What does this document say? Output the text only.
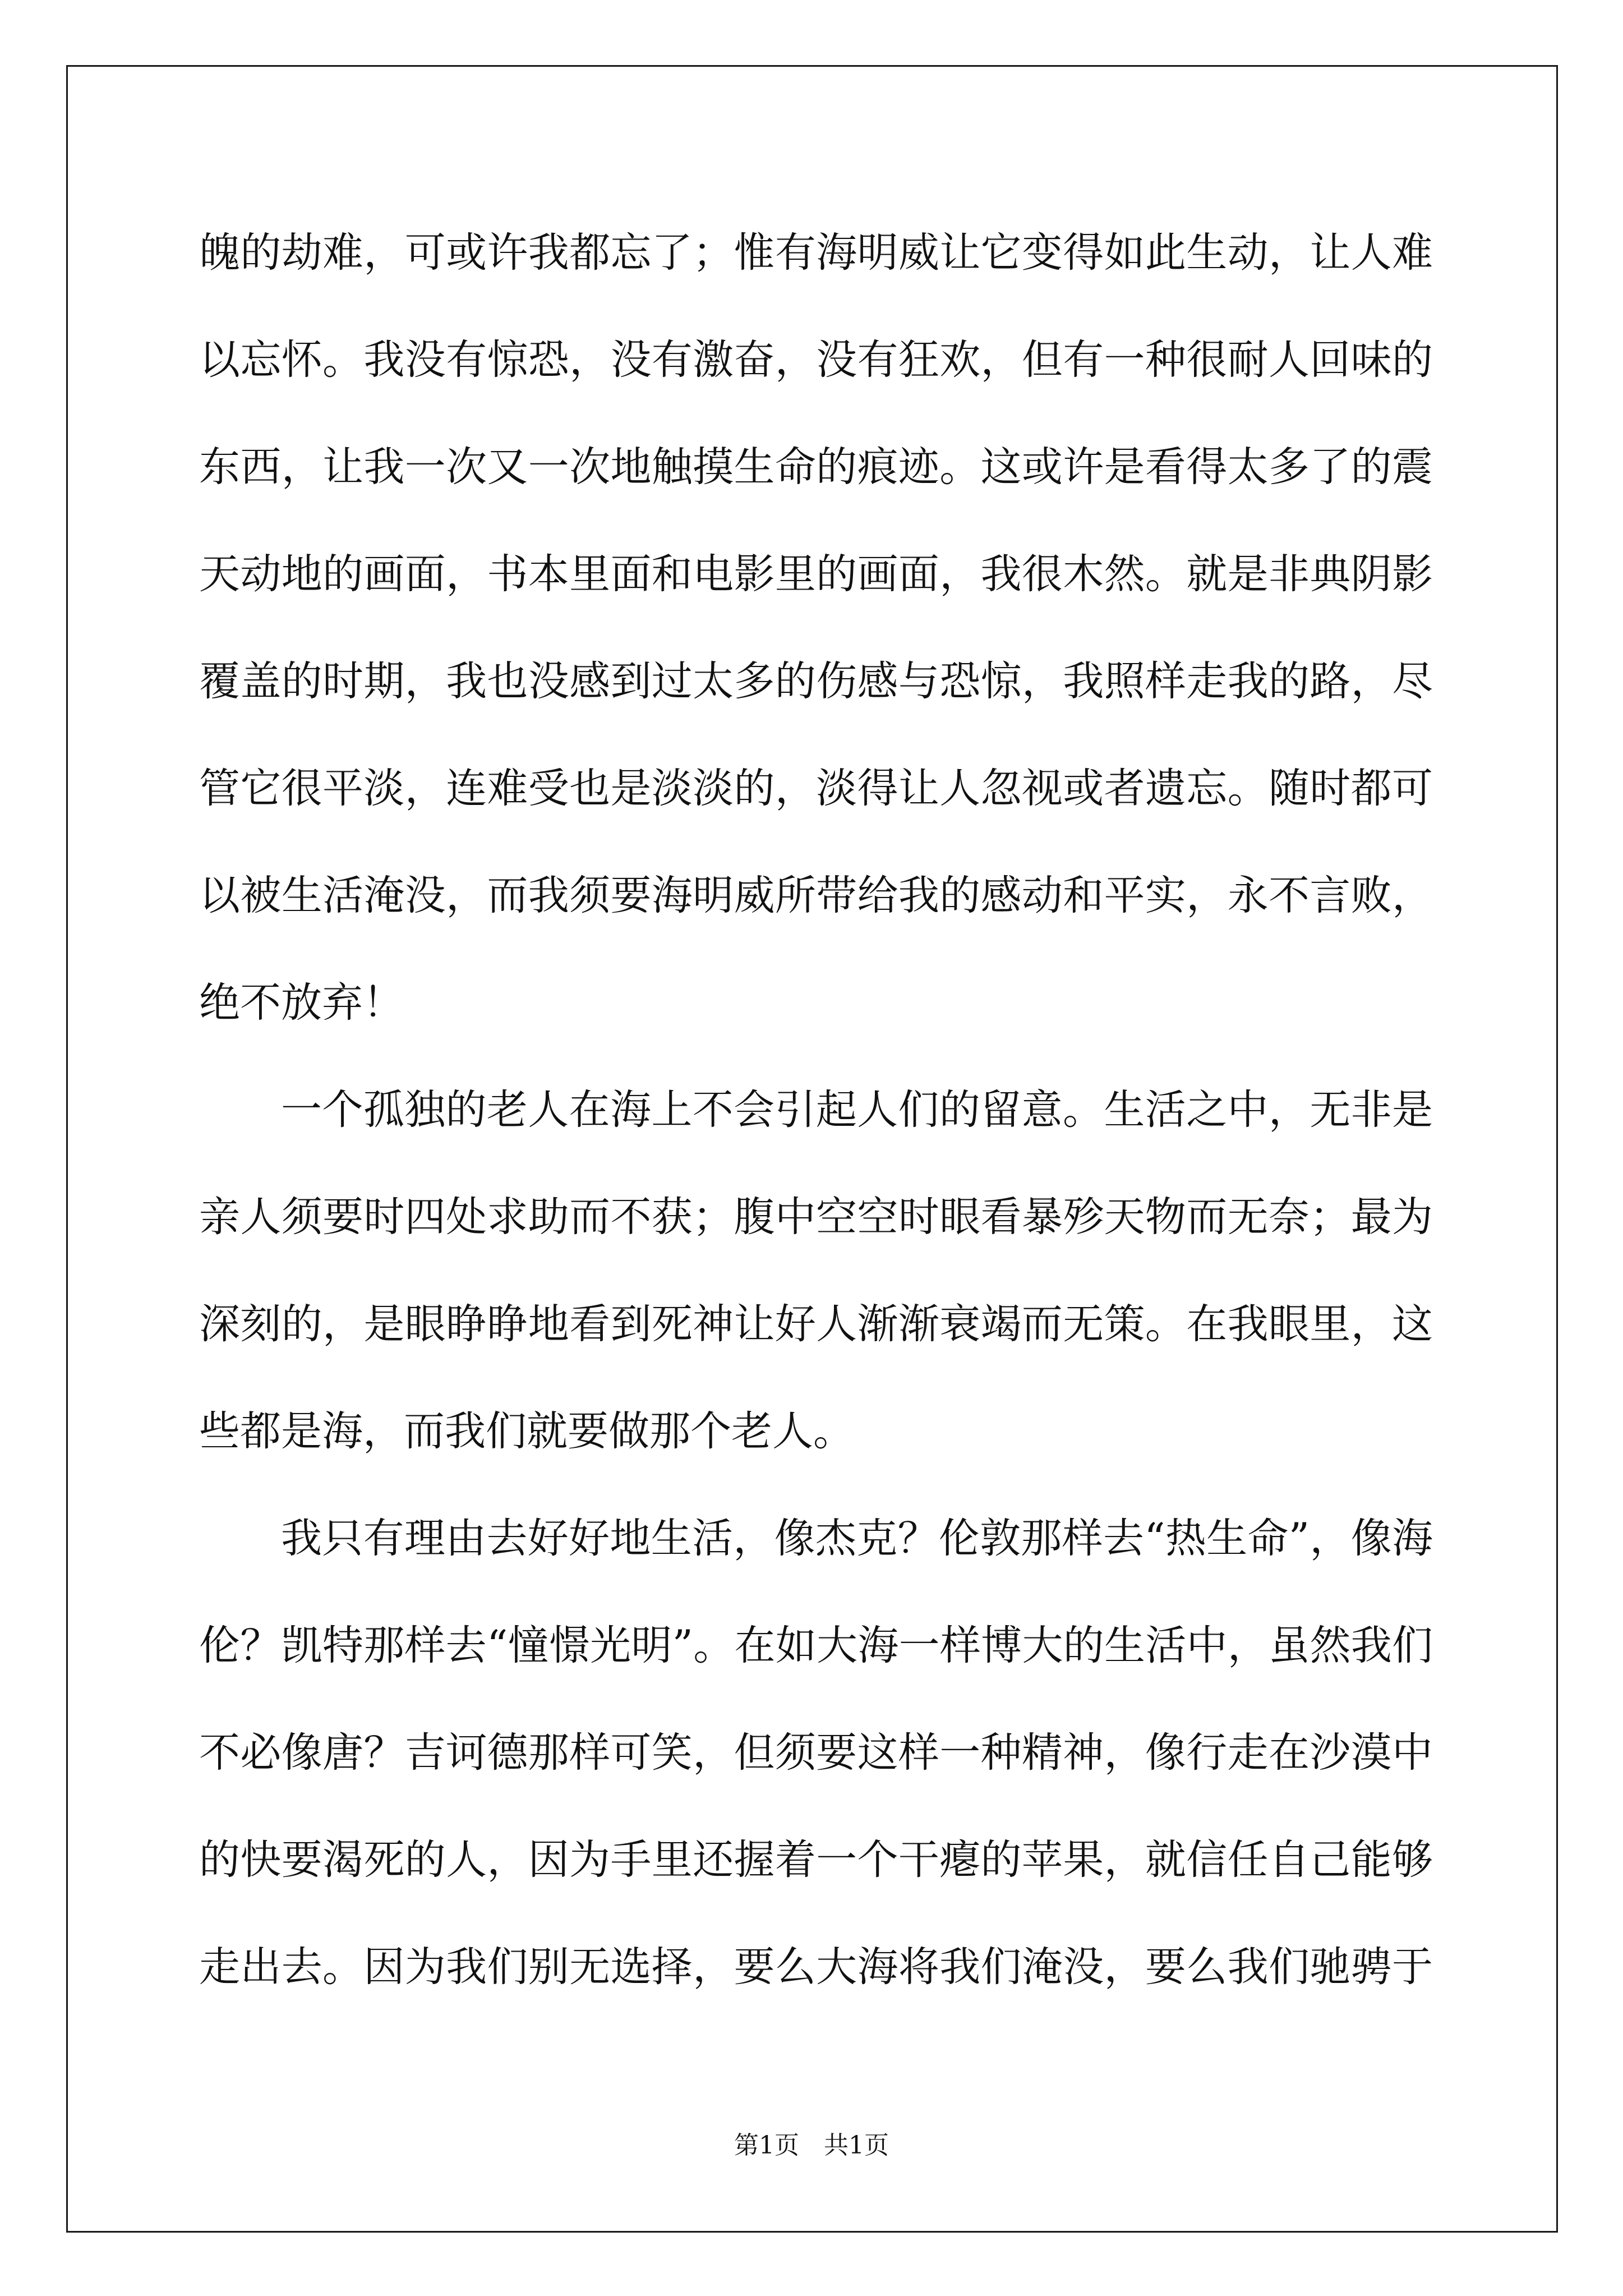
魄的劫难，可或许我都忘了；惟有海明威让它变得如此生动，让人难
以忘怀。我没有惊恐，没有激奋，没有狂欢，但有一种很耐人回味的
东西，让我一次又一次地触摸生命的痕迹。这或许是看得太多了的震
天动地的画面，书本里面和电影里的画面，我很木然。就是非典阴影
覆盖的时期，我也没感到过太多的伤感与恐惊，我照样走我的路，尽
管它很平淡，连难受也是淡淡的，淡得让人忽视或者遗忘。随时都可
以被生活淹没，而我须要海明威所带给我的感动和平实，永不言败，
绝不放弃！
一个孤独的老人在海上不会引起人们的留意。生活之中，无非是
亲人须要时四处求助而不获；腹中空空时眼看暴殄天物而无奈；最为
深刻的，是眼睁睁地看到死神让好人渐渐衰竭而无策。在我眼里，这
些都是海，而我们就要做那个老人。
我只有理由去好好地生活，像杰克？伦敦那样去“热生命”，像海
伦？凯特那样去“憧憬光明”。在如大海一样博大的生活中，虽然我们
不必像唐？吉诃德那样可笑，但须要这样一种精神，像行走在沙漠中
的快要渴死的人，因为手里还握着一个干瘪的苹果，就信任自己能够
走出去。因为我们别无选择，要么大海将我们淹没，要么我们驰骋于
第1页　共1页
